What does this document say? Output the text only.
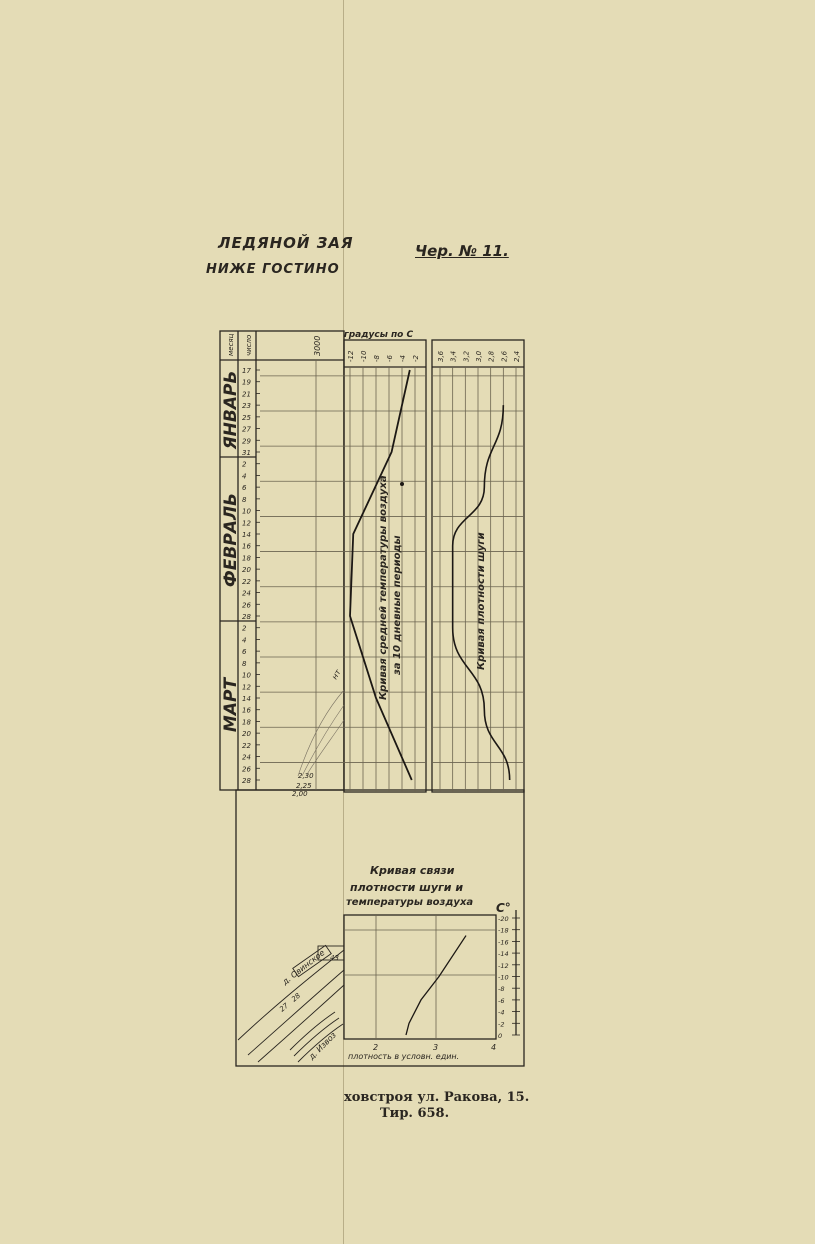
ЛЕДЯНОЙ ЗАЯ
НИЖЕ ГОСТИНО
Чер. № 11.
17
19
21
23
25
27
29
31
2
4
6
8
10
12
14
16
18
20
22
24
26
28
2
4
6
8
10
12
14
16
18
20
22
24
26
28
-12 -10 -8 -6 -4 -2 3,6 3,4 3,2 3,0 2,8 2,6 2,4
-20
-18
-16
-14
-12
-10
-8
-6
-4
-2
0
2	3	4
ЯНВАРЬ
ФЕВРАЛЬ
МАРТ
месяц число	3000
2,30
2,25
2,00
нт
градусы по С
Кривая средней температуры воздуха за 10 дневные периоды	Кривая плотности шуги
Кривая связи
плотности шуги и
температуры воздуха С°
плотность в условн. един.
д. Овинское
д. Извоз
27
28
43
ховстроя ул. Ракова, 15.
Тир. 658.
